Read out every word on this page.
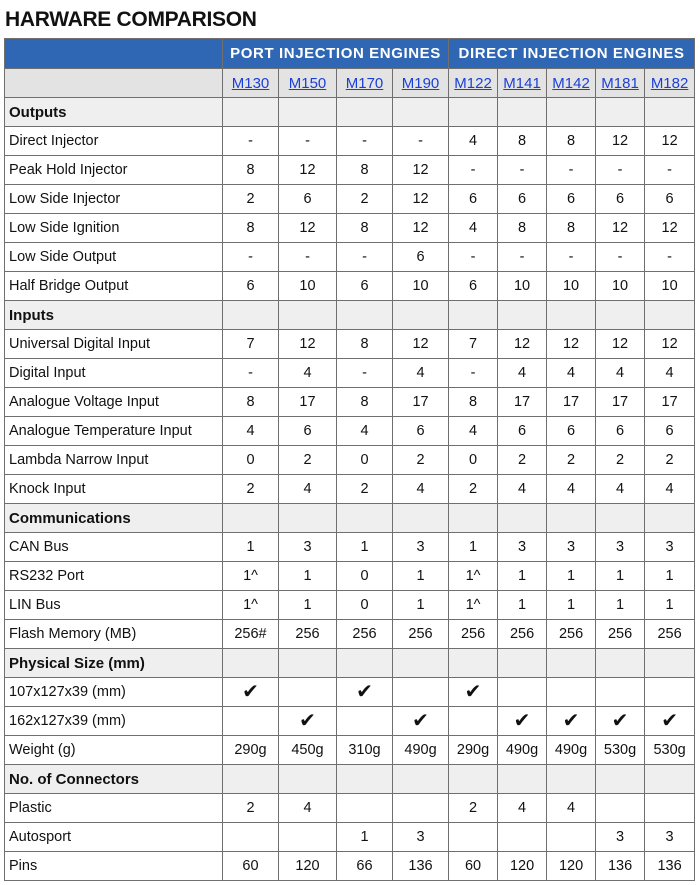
HARWARE COMPARISON
	PORT INJECTION ENGINES				DIRECT INJECTION ENGINES				
	M130	M150	M170	M190	M122	M141	M142	M181	M182
Outputs									
Direct Injector	-	-	-	-	4	8	8	12	12
Peak Hold Injector	8	12	8	12	-	-	-	-	-
Low Side Injector	2	6	2	12	6	6	6	6	6
Low Side Ignition	8	12	8	12	4	8	8	12	12
Low Side Output	-	-	-	6	-	-	-	-	-
Half Bridge Output	6	10	6	10	6	10	10	10	10
Inputs									
Universal Digital Input	7	12	8	12	7	12	12	12	12
Digital Input	-	4	-	4	-	4	4	4	4
Analogue Voltage Input	8	17	8	17	8	17	17	17	17
Analogue Temperature Input	4	6	4	6	4	6	6	6	6
Lambda Narrow Input	0	2	0	2	0	2	2	2	2
Knock Input	2	4	2	4	2	4	4	4	4
Communications									
CAN Bus	1	3	1	3	1	3	3	3	3
RS232 Port	1^	1	0	1	1^	1	1	1	1
LIN Bus	1^	1	0	1	1^	1	1	1	1
Flash Memory (MB)	256#	256	256	256	256	256	256	256	256
Physical Size (mm)									
107x127x39 (mm)	✔		✔		✔				
162x127x39 (mm)		✔		✔		✔	✔	✔	✔
Weight (g)	290g	450g	310g	490g	290g	490g	490g	530g	530g
No. of Connectors									
Plastic	2	4			2	4	4		
Autosport			1	3				3	3
Pins	60	120	66	136	60	120	120	136	136
